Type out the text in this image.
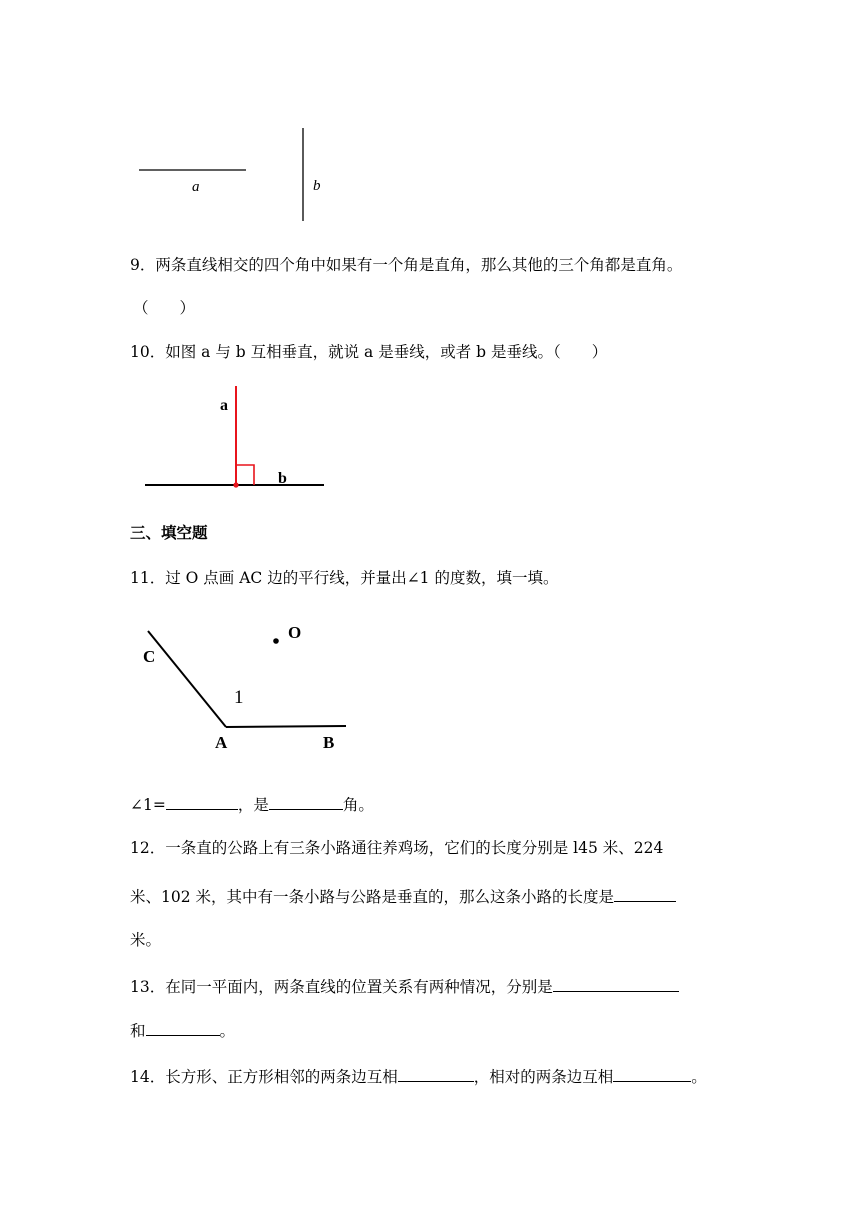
a	b
9．两条直线相交的四个角中如果有一个角是直角，那么其他的三个角都是直角。
（　　）
10．如图 a 与 b 互相垂直，就说 a 是垂线，或者 b 是垂线。（　　）
a
b
三、填空题
11．过 O 点画 AC 边的平行线，并量出∠1 的度数，填一填。
C
O
1
A	B
∠1=	，是	角。
12．一条直的公路上有三条小路通往养鸡场，它们的长度分别是 l45 米、224
米、102 米，其中有一条小路与公路是垂直的，那么这条小路的长度是
米。
13．在同一平面内，两条直线的位置关系有两种情况，分别是
和	。
14．长方形、正方形相邻的两条边互相	，相对的两条边互相	。
